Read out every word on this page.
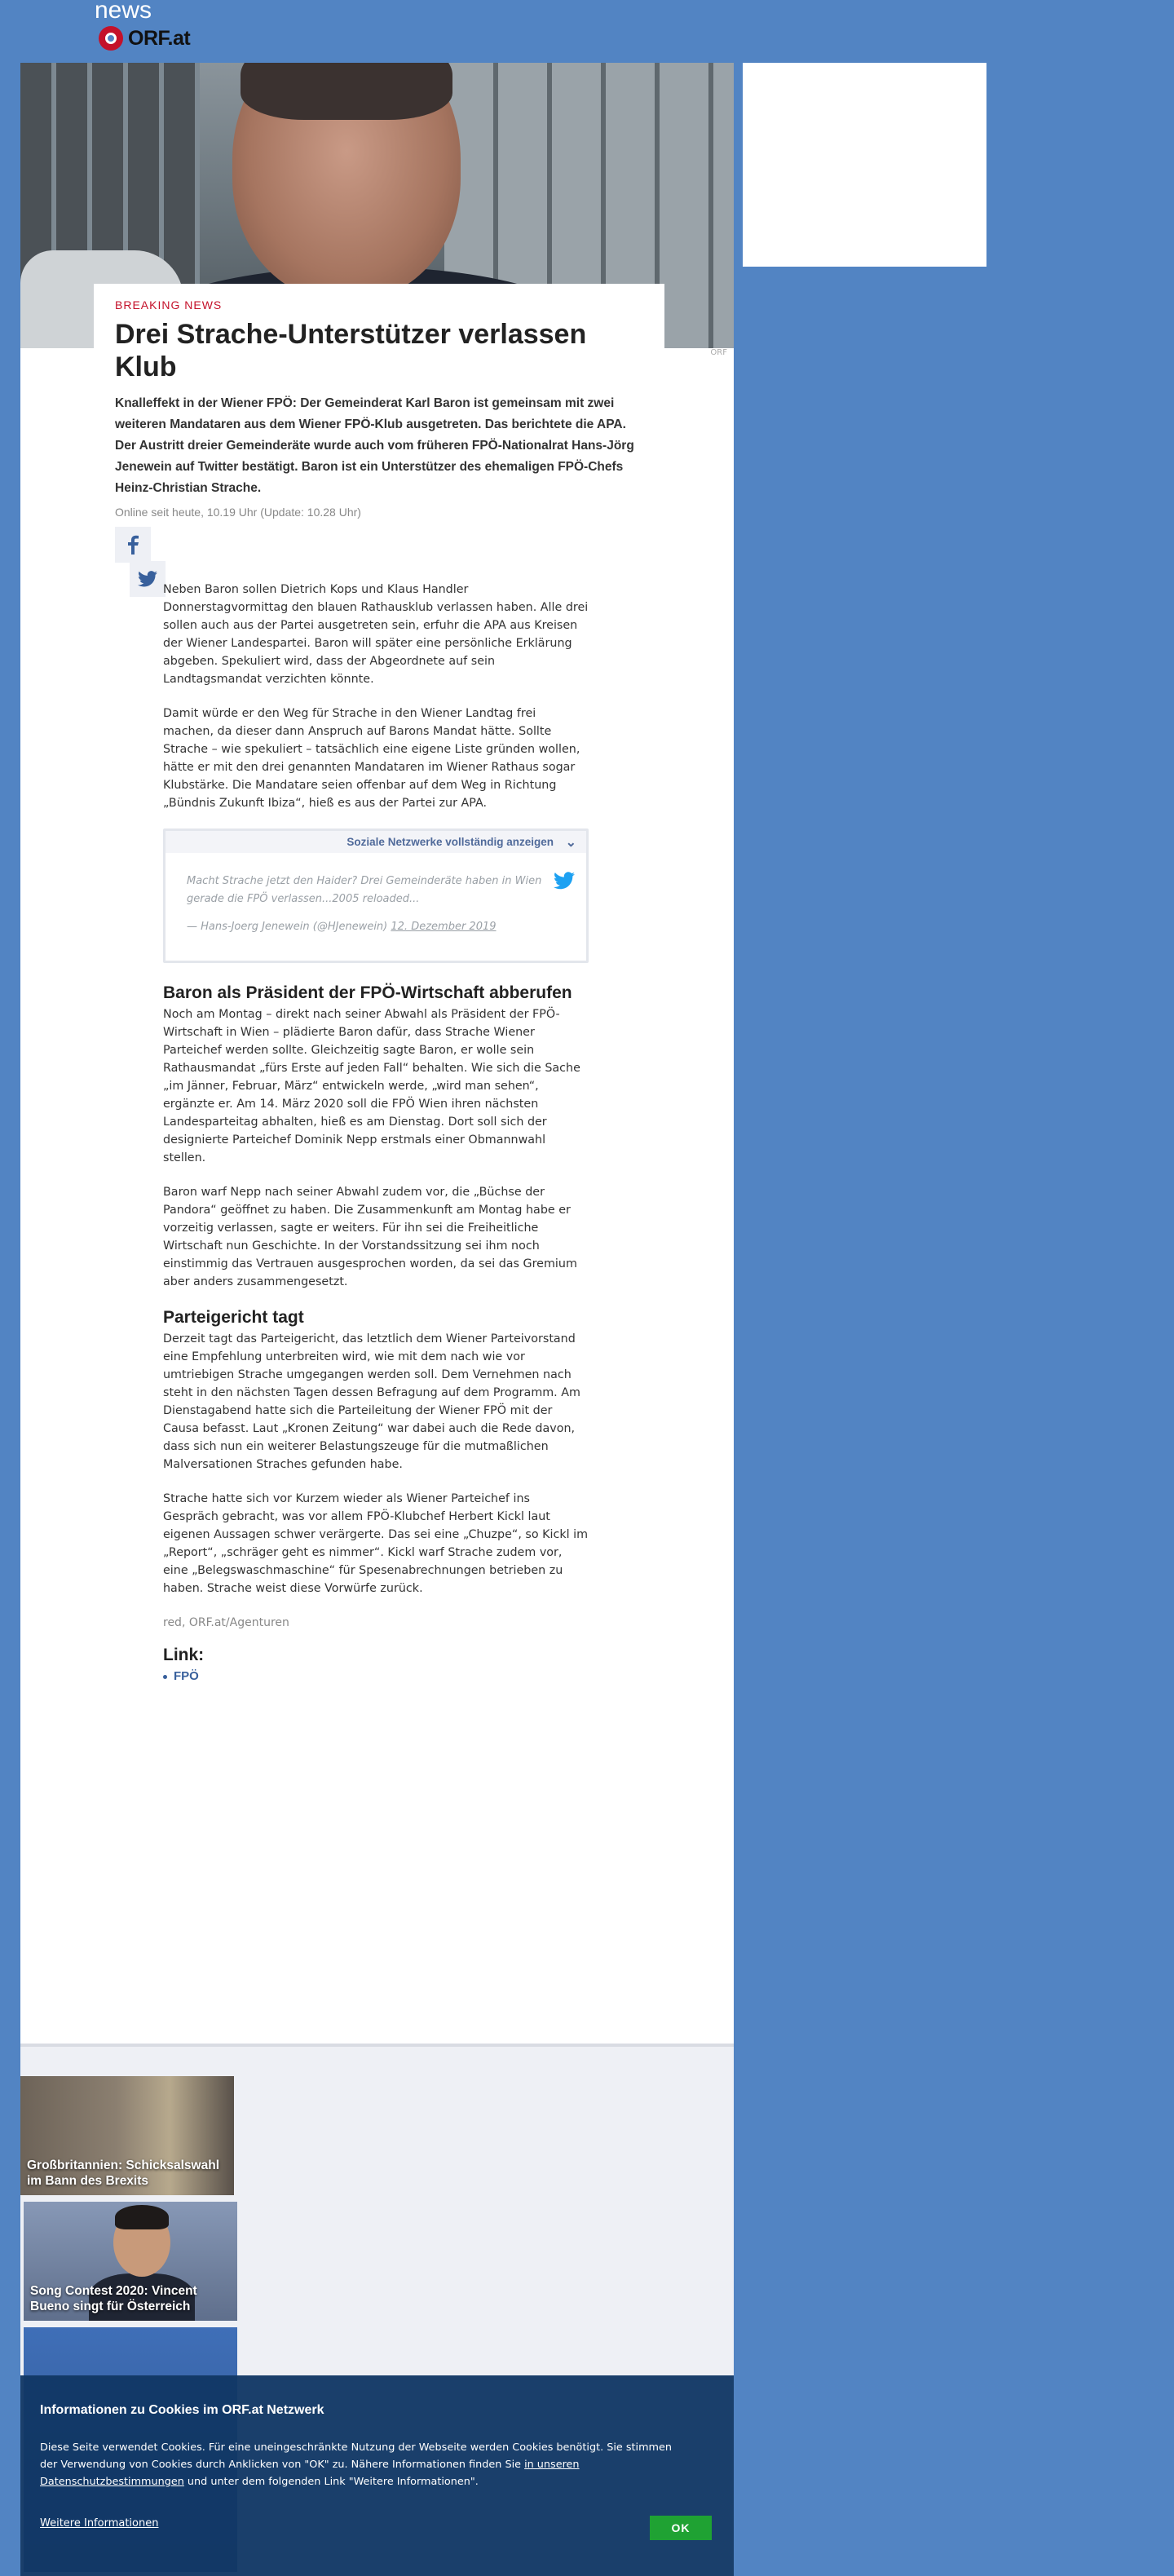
news
ORF.at
ORF
BREAKING NEWS
Drei Strache-Unterstützer verlassen Klub

Knalleffekt in der Wiener FPÖ: Der Gemeinderat Karl Baron ist gemeinsam mit zwei weiteren Mandataren aus dem Wiener FPÖ-Klub ausgetreten. Das berichtete die APA. Der Austritt dreier Gemeinderäte wurde auch vom früheren FPÖ-Nationalrat Hans-Jörg Jenewein auf Twitter bestätigt. Baron ist ein Unterstützer des ehemaligen FPÖ-Chefs Heinz-Christian Strache.

Online seit heute, 10.19 Uhr (Update: 10.28 Uhr)

Neben Baron sollen Dietrich Kops und Klaus Handler Donnerstagvormittag den blauen Rathausklub verlassen haben. Alle drei sollen auch aus der Partei ausgetreten sein, erfuhr die APA aus Kreisen der Wiener Landespartei. Baron will später eine persönliche Erklärung abgeben. Spekuliert wird, dass der Abgeordnete auf sein Landtagsmandat verzichten könnte.

Damit würde er den Weg für Strache in den Wiener Landtag frei machen, da dieser dann Anspruch auf Barons Mandat hätte. Sollte Strache – wie spekuliert – tatsächlich eine eigene Liste gründen wollen, hätte er mit den drei genannten Mandataren im Wiener Rathaus sogar Klubstärke. Die Mandatare seien offenbar auf dem Weg in Richtung „Bündnis Zukunft Ibiza“, hieß es aus der Partei zur APA.

Soziale Netzwerke vollständig anzeigen ⌄
Macht Strache jetzt den Haider? Drei Gemeinderäte haben in Wien gerade die FPÖ verlassen...2005 reloaded...
— Hans-Joerg Jenewein (@HJenewein) 12. Dezember 2019
Baron als Präsident der FPÖ-Wirtschaft abberufen

Noch am Montag – direkt nach seiner Abwahl als Präsident der FPÖ-Wirtschaft in Wien – plädierte Baron dafür, dass Strache Wiener Parteichef werden sollte. Gleichzeitig sagte Baron, er wolle sein Rathausmandat „fürs Erste auf jeden Fall“ behalten. Wie sich die Sache „im Jänner, Februar, März“ entwickeln werde, „wird man sehen“, ergänzte er. Am 14. März 2020 soll die FPÖ Wien ihren nächsten Landesparteitag abhalten, hieß es am Dienstag. Dort soll sich der designierte Parteichef Dominik Nepp erstmals einer Obmannwahl stellen.

Baron warf Nepp nach seiner Abwahl zudem vor, die „Büchse der Pandora“ geöffnet zu haben. Die Zusammenkunft am Montag habe er vorzeitig verlassen, sagte er weiters. Für ihn sei die Freiheitliche Wirtschaft nun Geschichte. In der Vorstandssitzung sei ihm noch einstimmig das Vertrauen ausgesprochen worden, da sei das Gremium aber anders zusammengesetzt.

Parteigericht tagt

Derzeit tagt das Parteigericht, das letztlich dem Wiener Parteivorstand eine Empfehlung unterbreiten wird, wie mit dem nach wie vor umtriebigen Strache umgegangen werden soll. Dem Vernehmen nach steht in den nächsten Tagen dessen Befragung auf dem Programm. Am Dienstagabend hatte sich die Parteileitung der Wiener FPÖ mit der Causa befasst. Laut „Kronen Zeitung“ war dabei auch die Rede davon, dass sich nun ein weiterer Belastungszeuge für die mutmaßlichen Malversationen Straches gefunden habe.

Strache hatte sich vor Kurzem wieder als Wiener Parteichef ins Gespräch gebracht, was vor allem FPÖ-Klubchef Herbert Kickl laut eigenen Aussagen schwer verärgerte. Das sei eine „Chuzpe“, so Kickl im „Report“, „schräger geht es nimmer“. Kickl warf Strache zudem vor, eine „Belegswaschmaschine“ für Spesenabrechnungen betrieben zu haben. Strache weist diese Vorwürfe zurück.

red, ORF.at/Agenturen
Link:
FPÖ
Großbritannien: Schicksalswahl im Bann des Brexits
Song Contest 2020: Vincent Bueno singt für Österreich
Informationen zu Cookies im ORF.at Netzwerk
Diese Seite verwendet Cookies. Für eine uneingeschränkte Nutzung der Webseite werden Cookies benötigt. Sie stimmen der Verwendung von Cookies durch Anklicken von "OK" zu. Nähere Informationen finden Sie in unseren Datenschutzbestimmungen und unter dem folgenden Link "Weitere Informationen".
Weitere Informationen	OK
